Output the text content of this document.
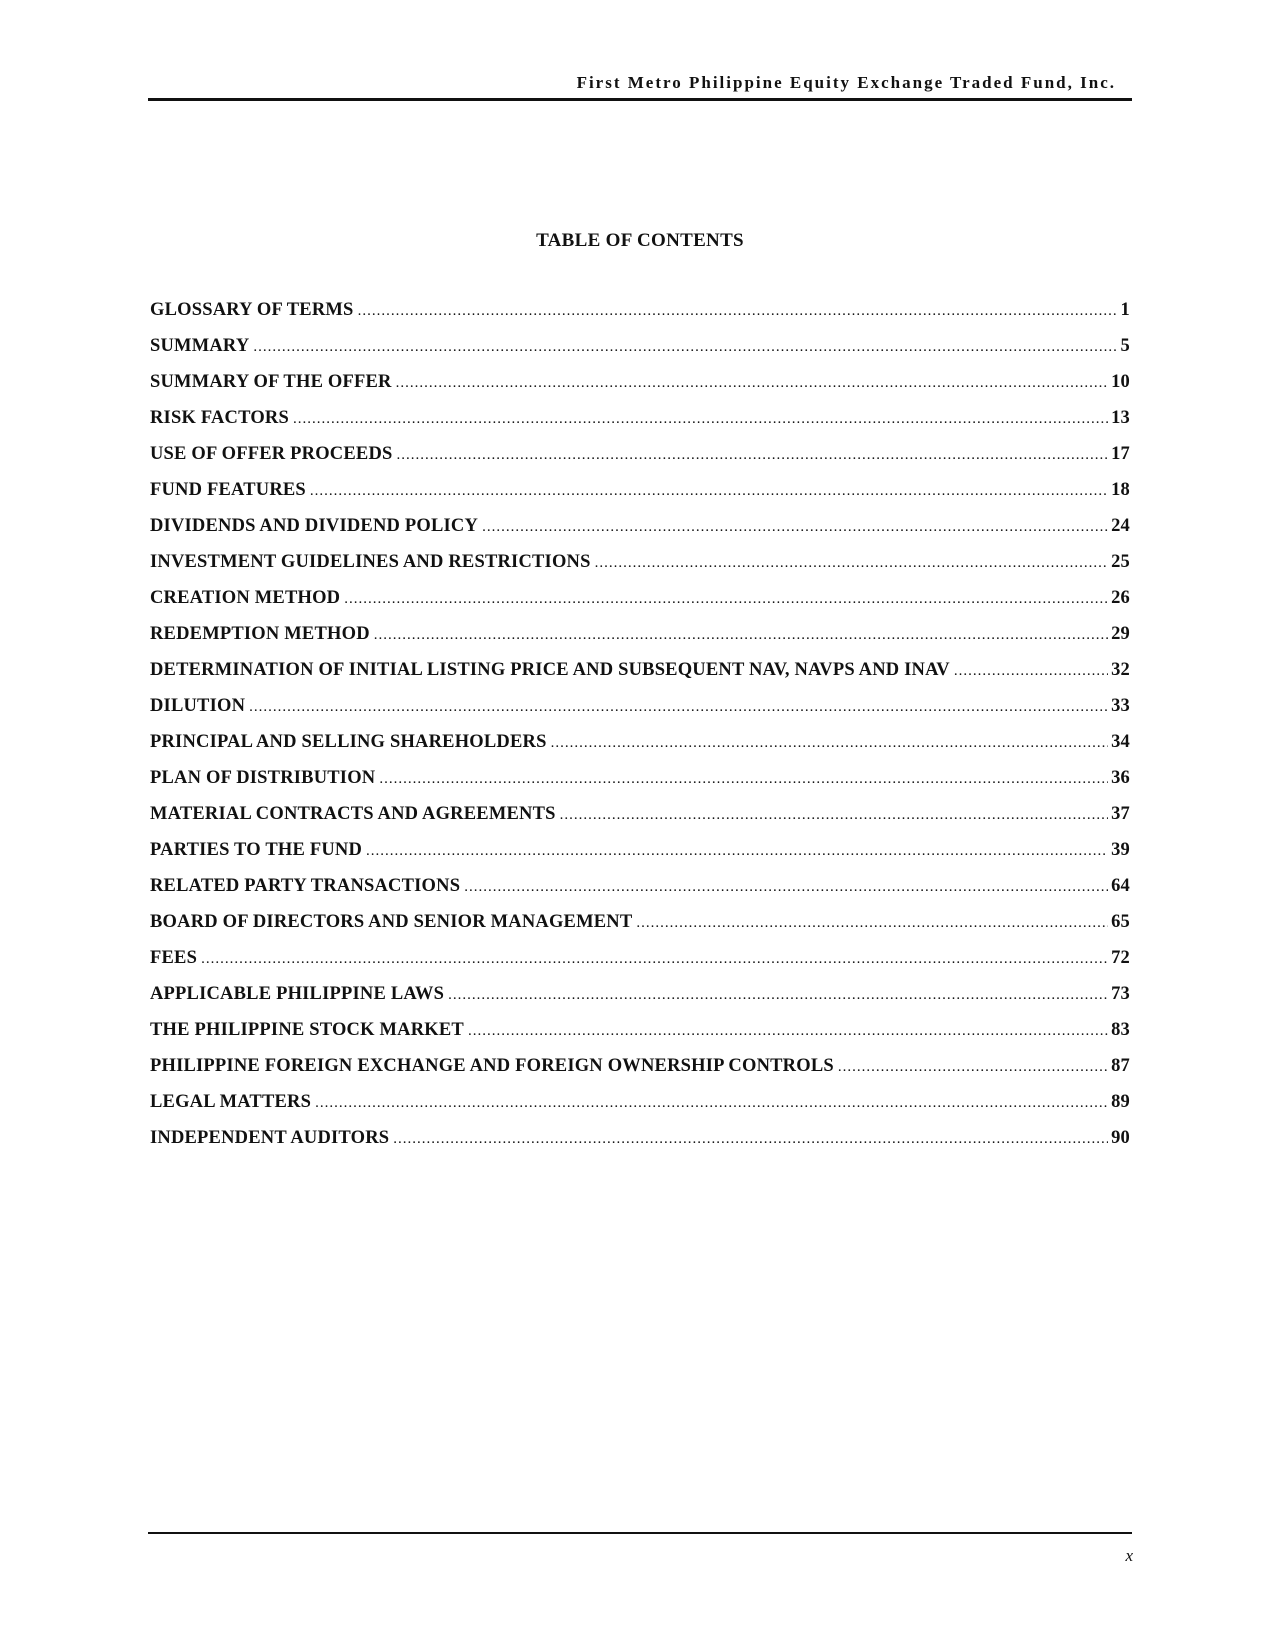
First Metro Philippine Equity Exchange Traded Fund, Inc.
TABLE OF CONTENTS
GLOSSARY OF TERMS .....	1
SUMMARY .....	5
SUMMARY OF THE OFFER .....	10
RISK FACTORS .....	13
USE OF OFFER PROCEEDS .....	17
FUND FEATURES .....	18
DIVIDENDS AND DIVIDEND POLICY .....	24
INVESTMENT GUIDELINES AND RESTRICTIONS .....	25
CREATION METHOD .....	26
REDEMPTION METHOD .....	29
DETERMINATION OF INITIAL LISTING PRICE AND SUBSEQUENT NAV, NAVPS AND INAV .....	32
DILUTION .....	33
PRINCIPAL AND SELLING SHAREHOLDERS .....	34
PLAN OF DISTRIBUTION .....	36
MATERIAL CONTRACTS AND AGREEMENTS .....	37
PARTIES TO THE FUND .....	39
RELATED PARTY TRANSACTIONS .....	64
BOARD OF DIRECTORS AND SENIOR MANAGEMENT .....	65
FEES .....	72
APPLICABLE PHILIPPINE LAWS .....	73
THE PHILIPPINE STOCK MARKET .....	83
PHILIPPINE FOREIGN EXCHANGE AND FOREIGN OWNERSHIP CONTROLS .....	87
LEGAL MATTERS .....	89
INDEPENDENT AUDITORS .....	90
x
